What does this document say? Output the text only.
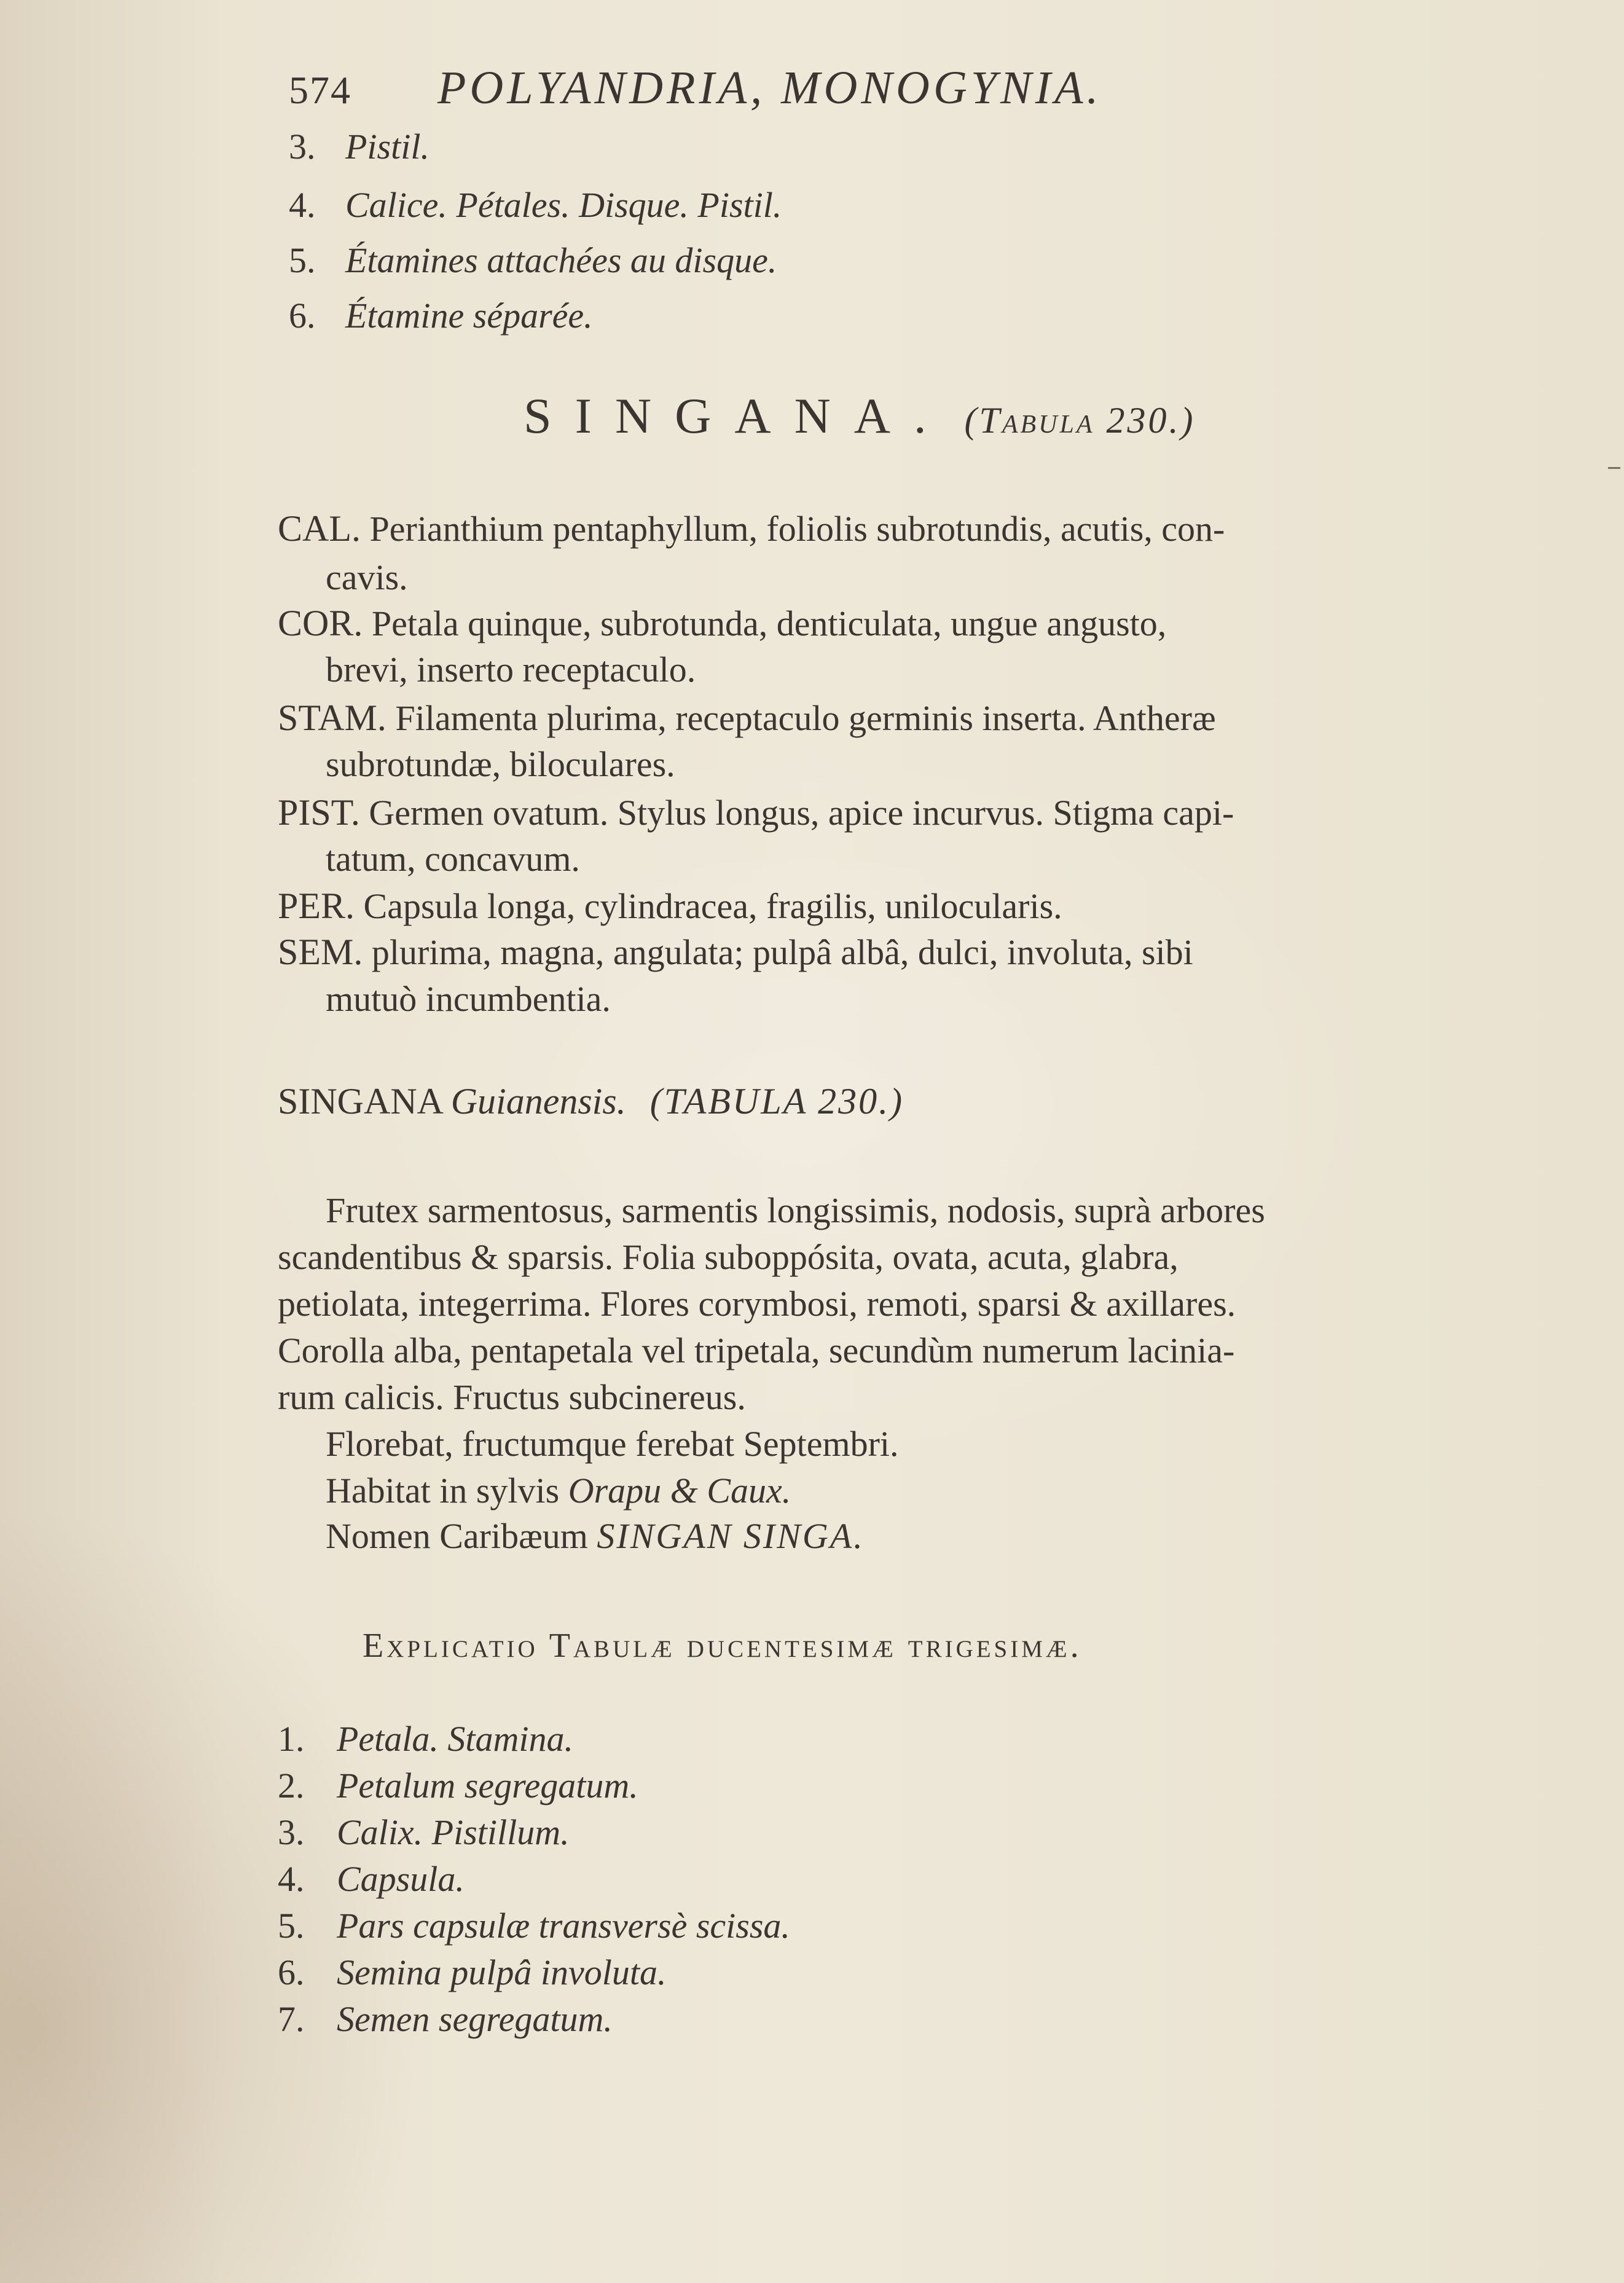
574 POLYANDRIA, MONOGYNIA.
3. Pistil.
4. Calice. Pétales. Disque. Pistil.
5. Étamines attachées au disque.
6. Étamine séparée.
SINGANA. (Tabula 230.)
CAL. Perianthium pentaphyllum, foliolis subrotundis, acutis, con-
cavis.
COR. Petala quinque, subrotunda, denticulata, ungue angusto,
brevi, inserto receptaculo.
STAM. Filamenta plurima, receptaculo germinis inserta. Antheræ
subrotundæ, biloculares.
PIST. Germen ovatum. Stylus longus, apice incurvus. Stigma capi-
tatum, concavum.
PER. Capsula longa, cylindracea, fragilis, unilocularis.
SEM. plurima, magna, angulata; pulpâ albâ, dulci, involuta, sibi
mutuò incumbentia.
SINGANA Guianensis. (TABULA 230.)
Frutex sarmentosus, sarmentis longissimis, nodosis, suprà arbores
scandentibus & sparsis. Folia suboppósita, ovata, acuta, glabra,
petiolata, integerrima. Flores corymbosi, remoti, sparsi & axillares.
Corolla alba, pentapetala vel tripetala, secundùm numerum lacinia-
rum calicis. Fructus subcinereus.
Florebat, fructumque ferebat Septembri.
Habitat in sylvis Orapu & Caux.
Nomen Caribæum SINGAN SINGA.
Explicatio Tabulæ ducentesimæ trigesimæ.
1. Petala. Stamina.
2. Petalum segregatum.
3. Calix. Pistillum.
4. Capsula.
5. Pars capsulæ transversè scissa.
6. Semina pulpâ involuta.
7. Semen segregatum.
